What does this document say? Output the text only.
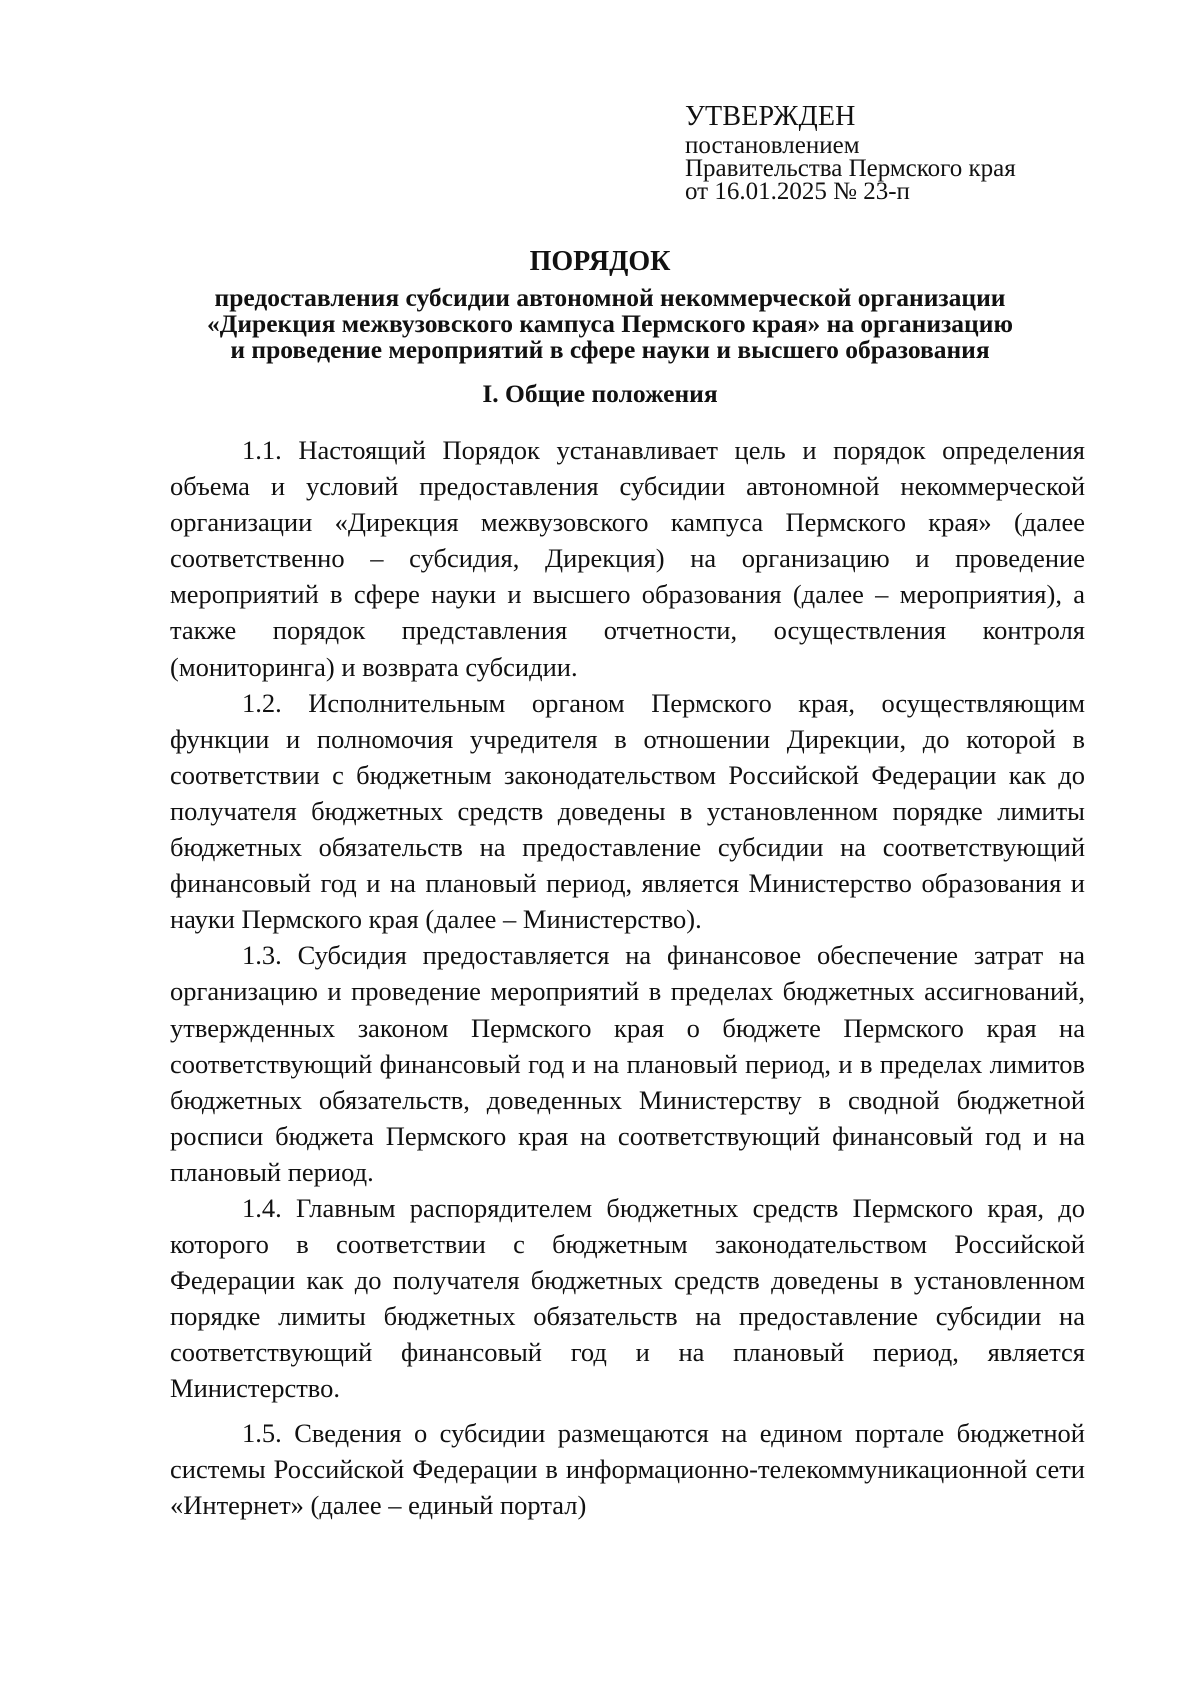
УТВЕРЖДЕН
постановлением
Правительства Пермского края
от 16.01.2025 № 23-п
ПОРЯДОК
предоставления субсидии автономной некоммерческой организации
«Дирекция межвузовского кампуса Пермского края» на организацию
и проведение мероприятий в сфере науки и высшего образования
I. Общие положения

1.1. Настоящий Порядок устанавливает цель и порядок определения объема и условий предоставления субсидии автономной некоммерческой организации «Дирекция межвузовского кампуса Пермского края» (далее соответственно – субсидия, Дирекция) на организацию и проведение мероприятий в сфере науки и высшего образования (далее – мероприятия), а также порядок представления отчетности, осуществления контроля (мониторинга) и возврата субсидии.

1.2. Исполнительным органом Пермского края, осуществляющим функции и полномочия учредителя в отношении Дирекции, до которой в соответствии с бюджетным законодательством Российской Федерации как до получателя бюджетных средств доведены в установленном порядке лимиты бюджетных обязательств на предоставление субсидии на соответствующий финансовый год и на плановый период, является Министерство образования и науки Пермского края (далее – Министерство).

1.3. Субсидия предоставляется на финансовое обеспечение затрат на организацию и проведение мероприятий в пределах бюджетных ассигнований, утвержденных законом Пермского края о бюджете Пермского края на соответствующий финансовый год и на плановый период, и в пределах лимитов бюджетных обязательств, доведенных Министерству в сводной бюджетной росписи бюджета Пермского края на соответствующий финансовый год и на плановый период.

1.4. Главным распорядителем бюджетных средств Пермского края, до которого в соответствии с бюджетным законодательством Российской Федерации как до получателя бюджетных средств доведены в установленном порядке лимиты бюджетных обязательств на предоставление субсидии на соответствующий финансовый год и на плановый период, является Министерство.

1.5. Сведения о субсидии размещаются на едином портале бюджетной системы Российской Федерации в информационно-телекоммуникационной сети «Интернет» (далее – единый портал)
